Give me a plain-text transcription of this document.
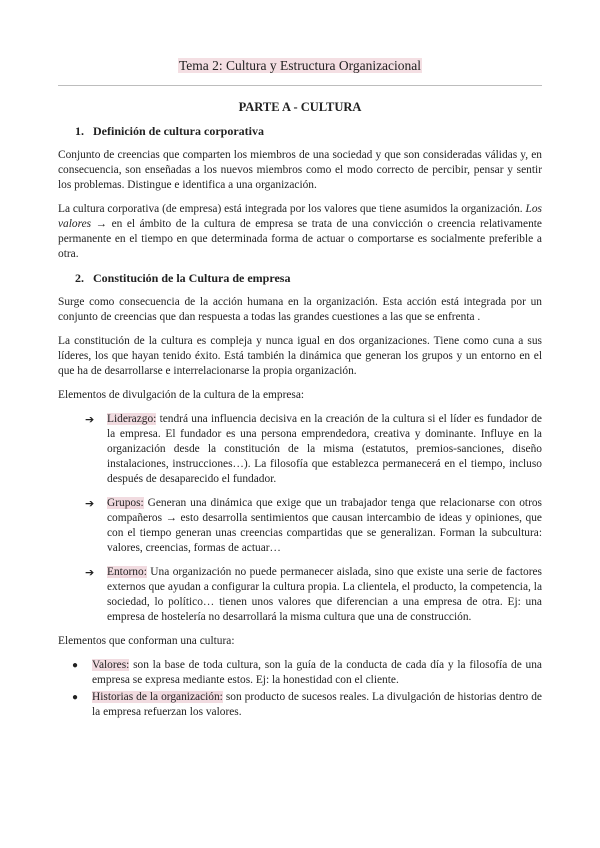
Tema 2: Cultura y Estructura Organizacional
PARTE A - CULTURA
1. Definición de cultura corporativa

Conjunto de creencias que comparten los miembros de una sociedad y que son consideradas válidas y, en consecuencia, son enseñadas a los nuevos miembros como el modo correcto de percibir, pensar y sentir los problemas. Distingue e identifica a una organización.

La cultura corporativa (de empresa) está integrada por los valores que tiene asumidos la organización. Los valores → en el ámbito de la cultura de empresa se trata de una convicción o creencia relativamente permanente en el tiempo en que determinada forma de actuar o comportarse es socialmente preferible a otra.

2. Constitución de la Cultura de empresa

Surge como consecuencia de la acción humana en la organización. Esta acción está integrada por un conjunto de creencias que dan respuesta a todas las grandes cuestiones a las que se enfrenta .

La constitución de la cultura es compleja y nunca igual en dos organizaciones. Tiene como cuna a sus líderes, los que hayan tenido éxito. Está también la dinámica que generan los grupos y un entorno en el que ha de desarrollarse e interrelacionarse la propia organización.

Elementos de divulgación de la cultura de la empresa:

➔ Liderazgo: tendrá una influencia decisiva en la creación de la cultura si el líder es fundador de la empresa. El fundador es una persona emprendedora, creativa y dominante. Influye en la organización desde la constitución de la misma (estatutos, premios-sanciones, diseño instalaciones, instrucciones…). La filosofía que establezca permanecerá en el tiempo, incluso después de desaparecido el fundador.
➔ Grupos: Generan una dinámica que exige que un trabajador tenga que relacionarse con otros compañeros → esto desarrolla sentimientos que causan intercambio de ideas y opiniones, que con el tiempo generan unas creencias compartidas que se generalizan. Forman la subcultura: valores, creencias, formas de actuar…
➔ Entorno: Una organización no puede permanecer aislada, sino que existe una serie de factores externos que ayudan a configurar la cultura propia. La clientela, el producto, la competencia, la sociedad, lo político… tienen unos valores que diferencian a una empresa de otra. Ej: una empresa de hostelería no desarrollará la misma cultura que una de construcción.

Elementos que conforman una cultura:

● Valores: son la base de toda cultura, son la guía de la conducta de cada día y la filosofía de una empresa se expresa mediante estos. Ej: la honestidad con el cliente.
● Historias de la organización: son producto de sucesos reales. La divulgación de historias dentro de la empresa refuerzan los valores.
